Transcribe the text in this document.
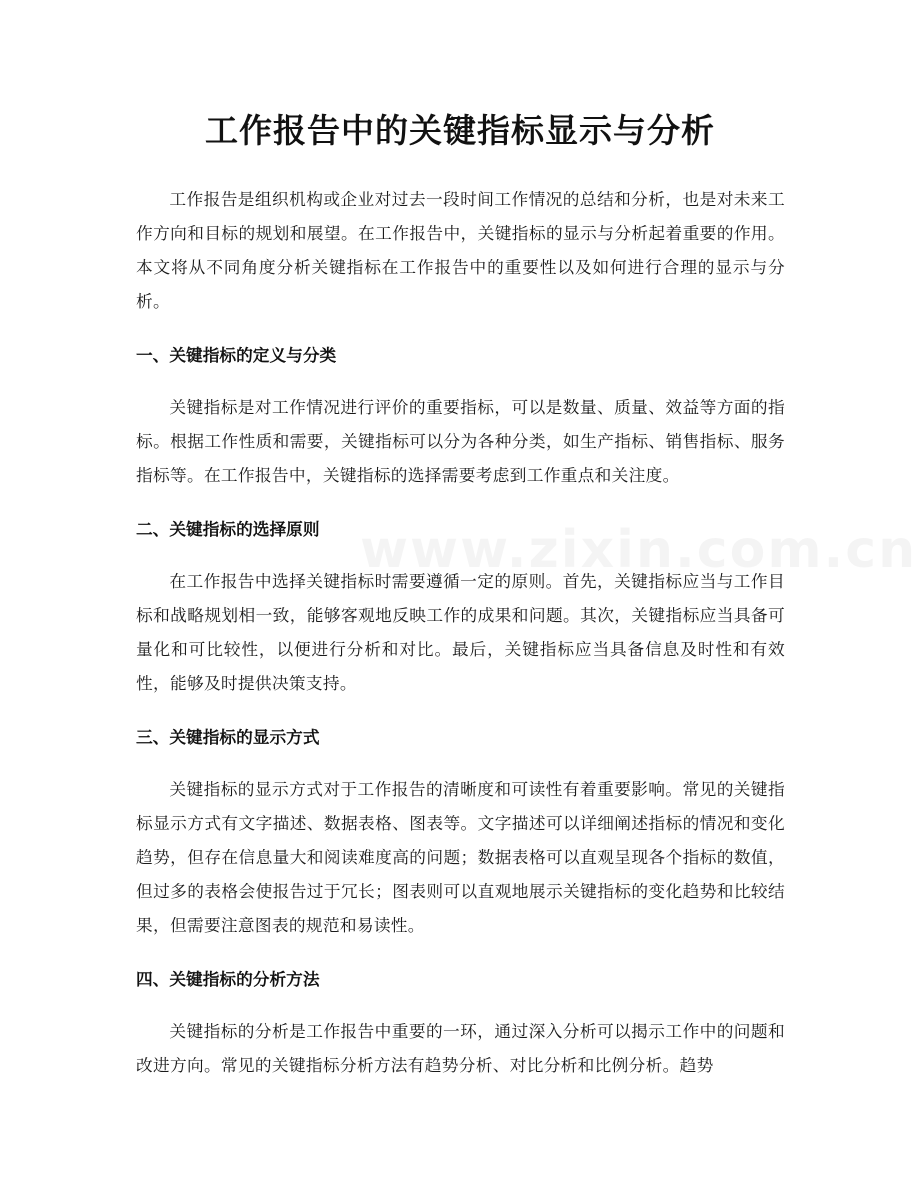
工作报告中的关键指标显示与分析

工作报告是组织机构或企业对过去一段时间工作情况的总结和分析，也是对未来工作方向和目标的规划和展望。在工作报告中，关键指标的显示与分析起着重要的作用。本文将从不同角度分析关键指标在工作报告中的重要性以及如何进行合理的显示与分析。

一、关键指标的定义与分类

关键指标是对工作情况进行评价的重要指标，可以是数量、质量、效益等方面的指标。根据工作性质和需要，关键指标可以分为各种分类，如生产指标、销售指标、服务指标等。在工作报告中，关键指标的选择需要考虑到工作重点和关注度。

二、关键指标的选择原则

在工作报告中选择关键指标时需要遵循一定的原则。首先，关键指标应当与工作目标和战略规划相一致，能够客观地反映工作的成果和问题。其次，关键指标应当具备可量化和可比较性，以便进行分析和对比。最后，关键指标应当具备信息及时性和有效性，能够及时提供决策支持。

三、关键指标的显示方式

关键指标的显示方式对于工作报告的清晰度和可读性有着重要影响。常见的关键指标显示方式有文字描述、数据表格、图表等。文字描述可以详细阐述指标的情况和变化趋势，但存在信息量大和阅读难度高的问题；数据表格可以直观呈现各个指标的数值，但过多的表格会使报告过于冗长；图表则可以直观地展示关键指标的变化趋势和比较结果，但需要注意图表的规范和易读性。

四、关键指标的分析方法

关键指标的分析是工作报告中重要的一环，通过深入分析可以揭示工作中的问题和改进方向。常见的关键指标分析方法有趋势分析、对比分析和比例分析。趋势
